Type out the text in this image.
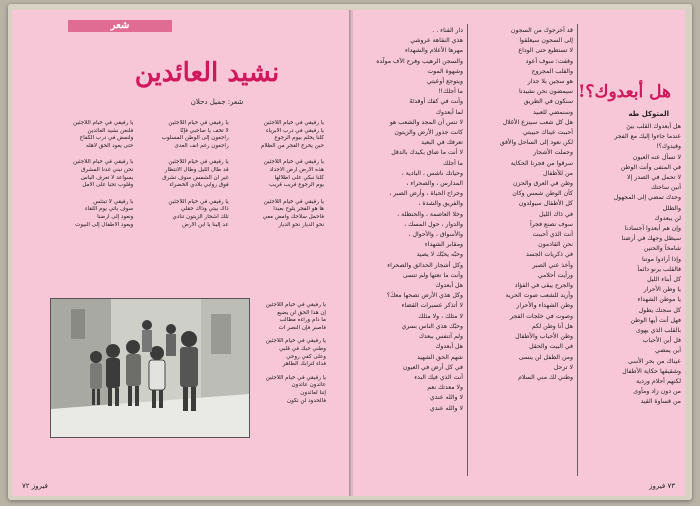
شعر
نشيد العائدين
شعر: جميل دحلان
يا رفيقي في خيام اللاجئين
يا رفيقي في درب الأبرياء
كلنا يحلم بيوم الرجوع
حين يخرج الفجر من الظلام
يا رفيقي في خيام اللاجئين
هذه الأرض أرض الأجداد
كلنا نبكي على أطلالها
يوم الرجوع قريب قريب
يا رفيقي في خيام اللاجئين
ها هو الفجر يلوح بعيداً
فاحمل سلاحك وامض معي
نحو الديار نحو الديار
يا رفيقي في خيام اللاجئين
لا تخف يا صاحبي فإنّا
راجعون إلى الوطن المسلوب
راجعون رغم أنف العدى
يا رفيقي في خيام اللاجئين
قد طال الليل وطال الانتظار
غير أن الشمس سوف تشرق
فوق روابي بلادي الخضراء
يا رفيقي في خيام اللاجئين
ذاك بيتي وذاك حقلي
تلك أشجار الزيتون تنادي
عد إلينا يا ابن الأرض
يا رفيقي في خيام اللاجئين
فلنغن نشيد العائدين
ولنمض في درب الكفاح
حتى يعود الحق لأهله
يا رفيقي في خيام اللاجئين
نحن نبني غدنا المشرق
بسواعد لا تعرف اليأس
وقلوب تحيا على الأمل
يا رفيقي لا تبتئس
سوف يأتي يوم اللقاء
ونعود إلى أرضنا
ويعود الأطفال إلى البيوت
يا رفيقي في خيام اللاجئين
إن هذا الحق لن يضيع
ما دام وراءه مطالب
فاصبر فإن النصر آت
يا رفيقي في خيام اللاجئين
وطني حبك في قلبي
وعلى كفي روحي
فداء لترابك الطاهر
يا رفيقي في خيام اللاجئين
عائدون عائدون
إننا لعائدون
فالحدود لن تكون
فيروز ٧٢
دار الفناء . .
هذي النقاهة عروشي
مهرها الأعلام والشهداء
والسجن الرهيب وفرح الآف مولّده
وشهوة الموت
ويتوجع أوعيتي
ما أجلك!!
وأنت في كفك أوقدتَهُ
لما أبعدوك
لا تنس أن المجد والشعب هو
كانت جذور الأرض والزيتون
تعرفك في البعيد
لا أنت ما ضاق بكيدك بالدقل
ما أجلك
وحياتك ناشس ، البادية ،
المدارس ، والصحراء ،
وجراح الحياة ، وأرض الصبر ،
والفريق والشدة ،
وخلا العاصمة ، والحنظلة ،
والدوار ، حول المسك ،
والأسواق ، والأحوال ،
ومقابر الشهداء
وحبّه يحبّك لا يصيد
وكل أشجار الحدائق والصحراء
وأنت ما نعتها ولم تنسى
هل أبعدوك
وكل هذي الأرض تصحها معكَ؟
لا أتذكر عسبرات القضاء
لا مثلك ، ولا مثلك
وحبّك هذي الناس بسري
ولم أتنفس ببعدك
هل أبعدوك
شهم الحق الشهيد
في كل أرض في العيون
أنت الذي فيك البدء
ولا معدتك نعم
لا والله عندي
لا والله عندي
قد أخرجوك من السجون
إلى السجون سيغلقوا
لا تستطيع حتى الوداع
وقفت: سوف أعود
والقلب المجروح
هو سجين بلا جدار
سيمضون نحن نشيدنا
سنكون في الطريق
وسنمضي للعبيد
هل كل شعب سينزع الأغلال
أحببت عيناك حبيبتي
لكن نعود إلى الساحل والأفق
وحملت الأشجار
سرقوا من فجرنا الحكاية
من للأطفال
وطن في العرق والحزن
كأن الوطن شمس وكان
كل الأطفال سيولدون
في ذاك الليل
سوف نصنع فجراً
أنت الذي أحببت
نحن القادمون
في ذكريات الجسد
وأخذ عني الصبر
ورأيت أحلامي
والجرح يبقى في الفؤاد
وأريد للشعب صوت الحرية
وطن الشهداء والأحرار
وصوت في خلجات الفجر
هل أنا وطن لكم
وطن الأحباب والأطفال
في البيت والحقل
ومن الطفل لن ينسى
لا ترحل
وطني لك مني السلام
هل أبعدوك القلب بينَ
عندما جاءوا إليك مع الفجر
وقيدوك؟!
لا تسأل عنه العيون
في المنفى وأنت الوطن
لا تحمل في الصدر إلا
أنين ساحتك
وحدك تمضي إلى المجهول
والطلل
لن يبعدوك
وإن هم أبعدوا أجسادنا
سيظل وجهك في أرضنا
شامخاً والحنين
وإذا أرادوا موتنا
فالقلب يرنو دائماً
كل أبناء الليل
يا وطن الأحرار
يا موطن الشهداء
كل سجنك يطول
فهل أنت أيها الوطن
بالقلب الذي يهوى
قل أين الأحباب
أين يمضي
عيناك من بحر الأسى
وشقيقها حكاية الأطفال
لكنهم أحلام وردية
من دون زاد ومأوى
من قساوة القيد
هل أبعدوك؟!
المتوكل طه
٧٣ فيروز
